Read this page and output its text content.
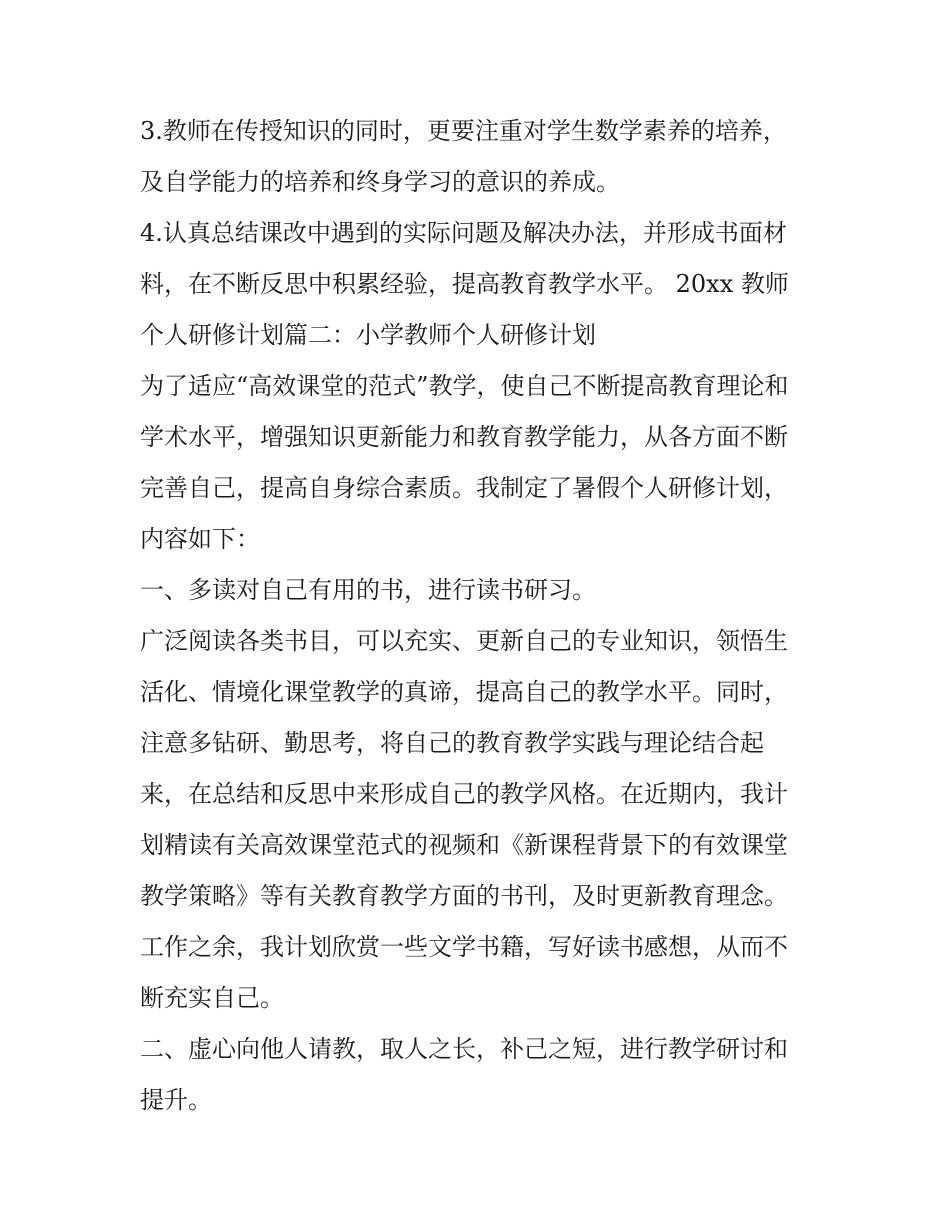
3.教师在传授知识的同时，更要注重对学生数学素养的培养，
及自学能力的培养和终身学习的意识的养成。
4.认真总结课改中遇到的实际问题及解决办法，并形成书面材
料，在不断反思中积累经验，提高教育教学水平。 20xx 教师
个人研修计划篇二：小学教师个人研修计划
为了适应“高效课堂的范式”教学，使自己不断提高教育理论和
学术水平，增强知识更新能力和教育教学能力，从各方面不断
完善自己，提高自身综合素质。我制定了暑假个人研修计划，
内容如下：
一、多读对自己有用的书，进行读书研习。
广泛阅读各类书目，可以充实、更新自己的专业知识，领悟生
活化、情境化课堂教学的真谛，提高自己的教学水平。同时，
注意多钻研、勤思考，将自己的教育教学实践与理论结合起
来，在总结和反思中来形成自己的教学风格。在近期内，我计
划精读有关高效课堂范式的视频和《新课程背景下的有效课堂
教学策略》等有关教育教学方面的书刊，及时更新教育理念。
工作之余，我计划欣赏一些文学书籍，写好读书感想，从而不
断充实自己。
二、虚心向他人请教，取人之长，补己之短，进行教学研讨和
提升。
